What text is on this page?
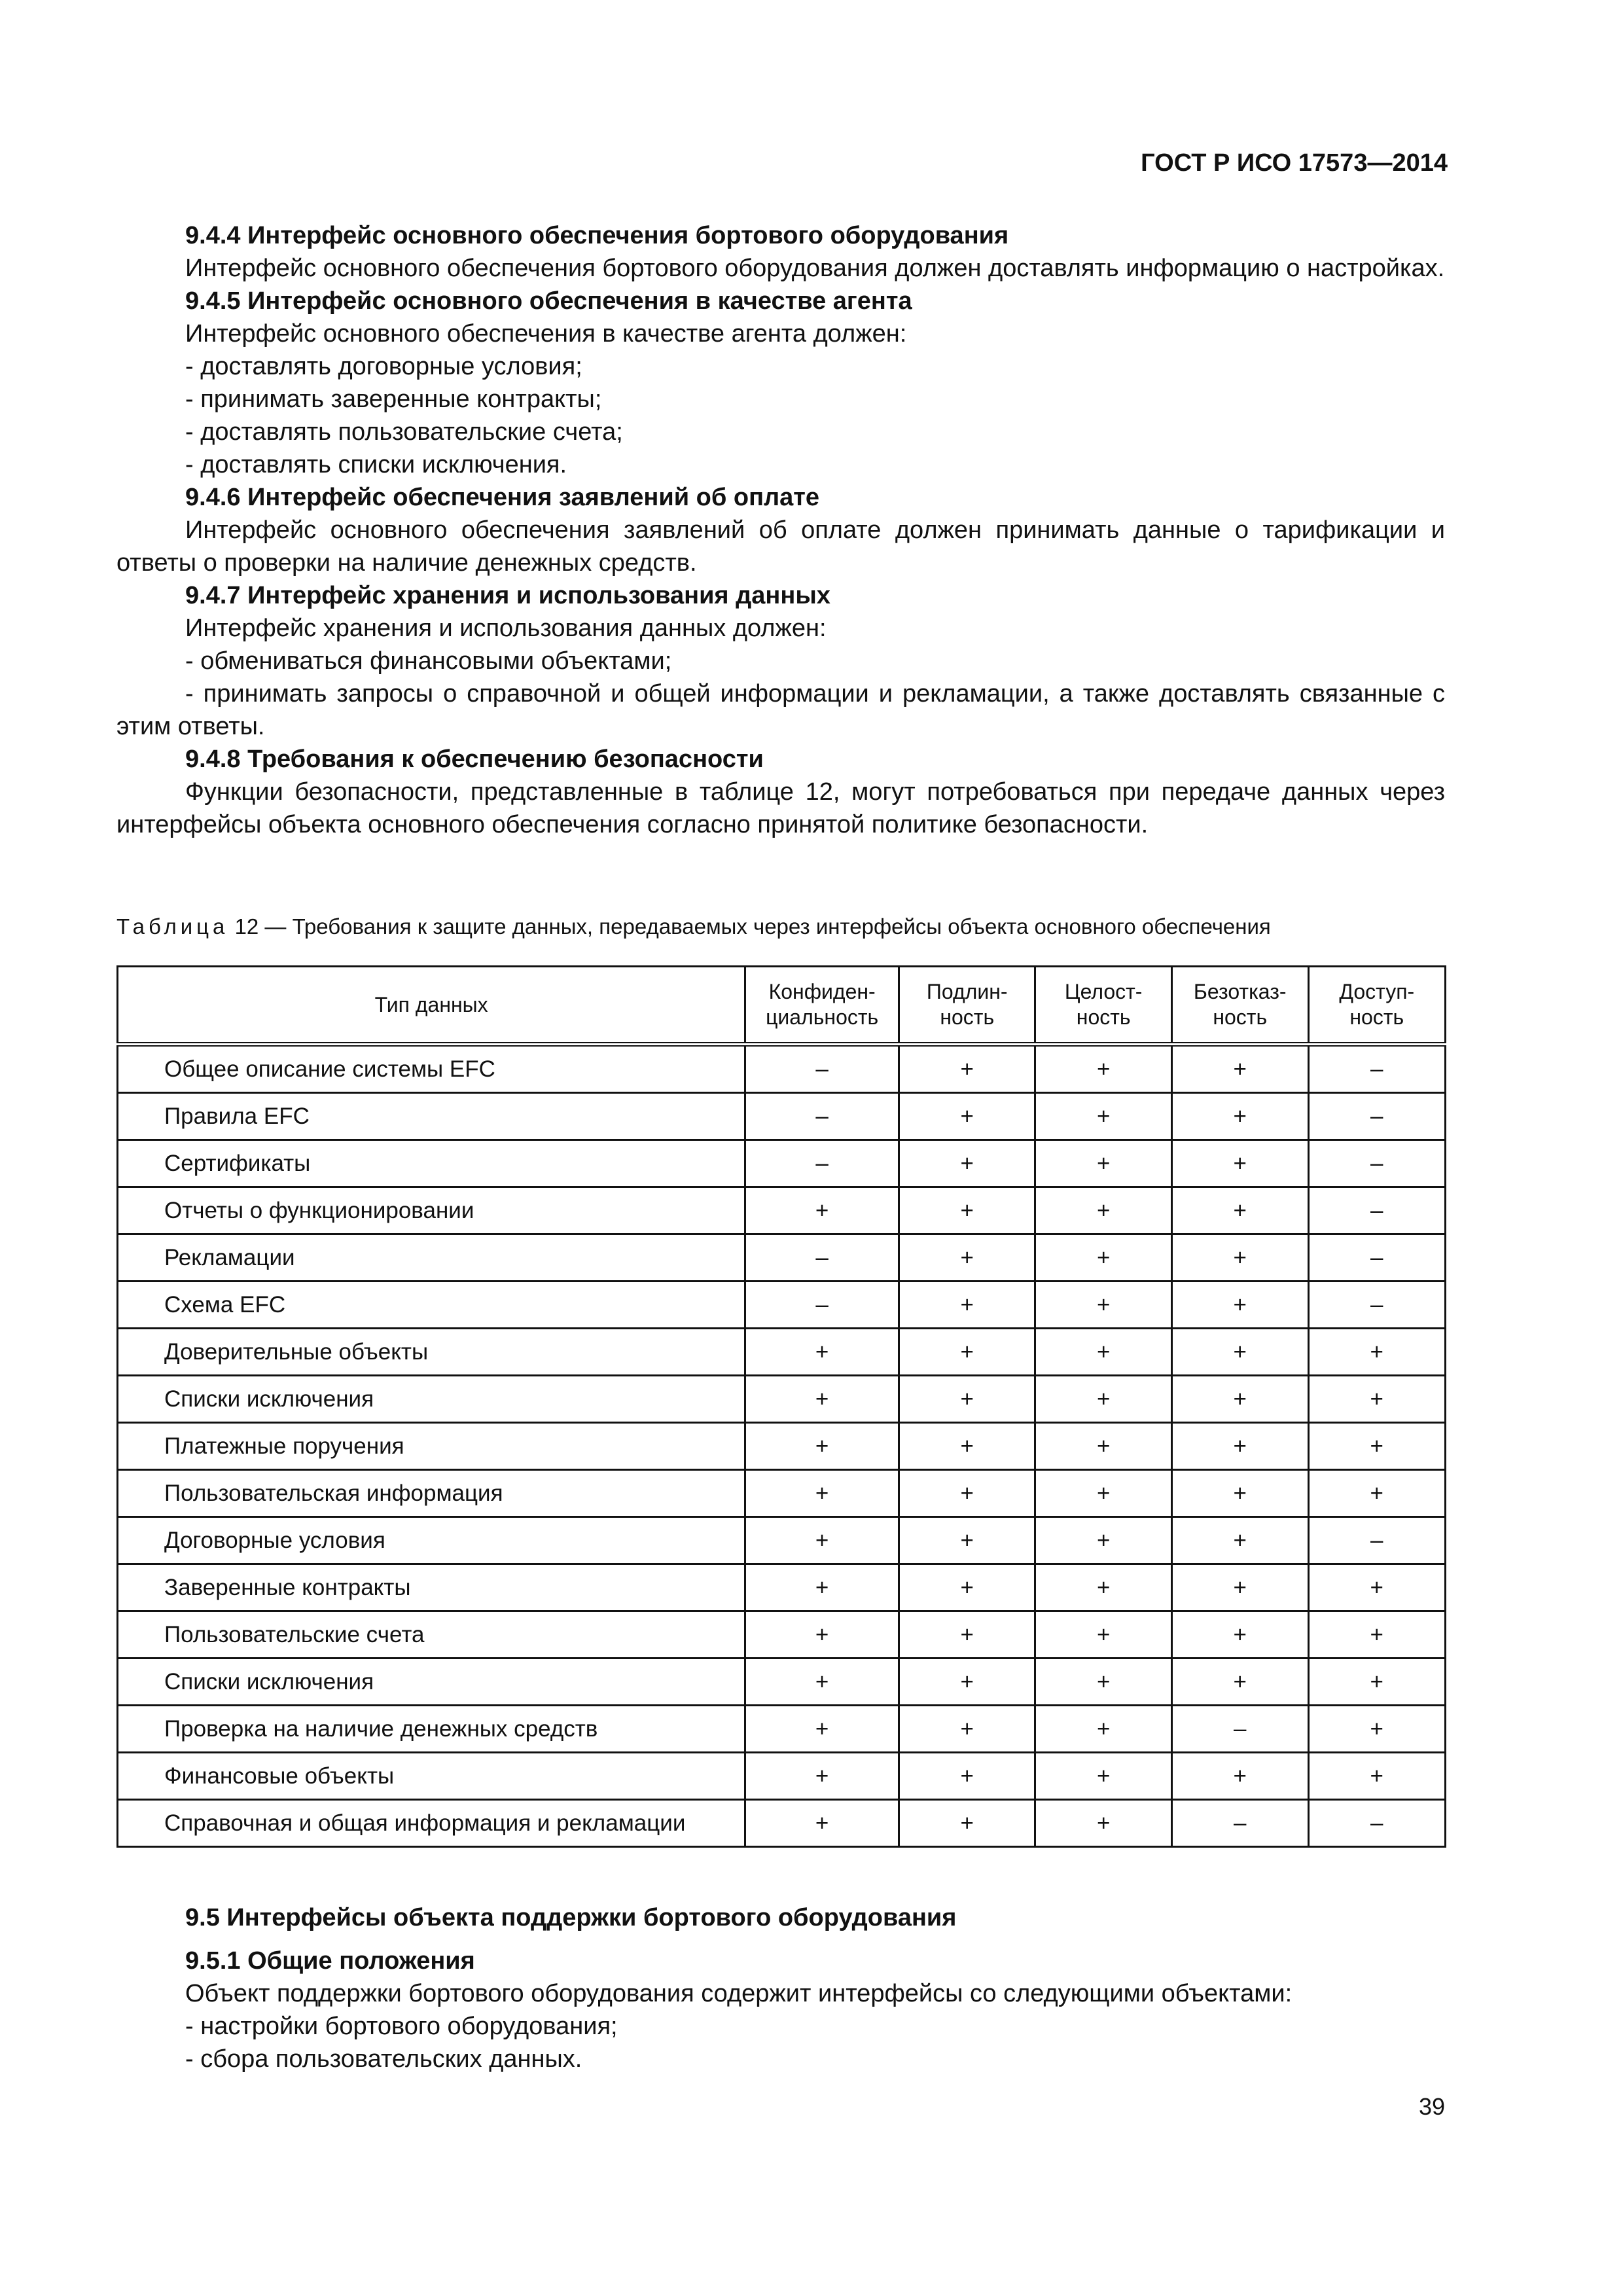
ГОСТ Р ИСО 17573—2014
9.4.4 Интерфейс основного обеспечения бортового оборудования
Интерфейс основного обеспечения бортового оборудования должен доставлять информацию о настройках.
9.4.5 Интерфейс основного обеспечения в качестве агента
Интерфейс основного обеспечения в качестве агента должен:
- доставлять договорные условия;
- принимать заверенные контракты;
- доставлять пользовательские счета;
- доставлять списки исключения.
9.4.6 Интерфейс обеспечения заявлений об оплате
Интерфейс основного обеспечения заявлений об оплате должен принимать данные о тарификации и ответы о проверки на наличие денежных средств.
9.4.7 Интерфейс хранения и использования данных
Интерфейс хранения и использования данных должен:
- обмениваться финансовыми объектами;
- принимать запросы о справочной и общей информации и рекламации, а также доставлять связанные с этим ответы.
9.4.8 Требования к обеспечению безопасности
Функции безопасности, представленные в таблице 12, могут потребоваться при передаче данных через интерфейсы объекта основного обеспечения согласно принятой политике безопасности.
Таблица 12 — Требования к защите данных, передаваемых через интерфейсы объекта основного обеспечения
Тип данных	Конфиден-циальность	Подлин-ность	Целост-ность	Безотказ-ность	Доступ-ность
Общее описание системы EFC	–	+	+	+	–
Правила EFC	–	+	+	+	–
Сертификаты	–	+	+	+	–
Отчеты о функционировании	+	+	+	+	–
Рекламации	–	+	+	+	–
Схема EFC	–	+	+	+	–
Доверительные объекты	+	+	+	+	+
Списки исключения	+	+	+	+	+
Платежные поручения	+	+	+	+	+
Пользовательская информация	+	+	+	+	+
Договорные условия	+	+	+	+	–
Заверенные контракты	+	+	+	+	+
Пользовательские счета	+	+	+	+	+
Списки исключения	+	+	+	+	+
Проверка на наличие денежных средств	+	+	+	–	+
Финансовые объекты	+	+	+	+	+
Справочная и общая информация и рекламации	+	+	+	–	–
9.5 Интерфейсы объекта поддержки бортового оборудования
9.5.1 Общие положения
Объект поддержки бортового оборудования содержит интерфейсы со следующими объектами:
- настройки бортового оборудования;
- сбора пользовательских данных.
39
